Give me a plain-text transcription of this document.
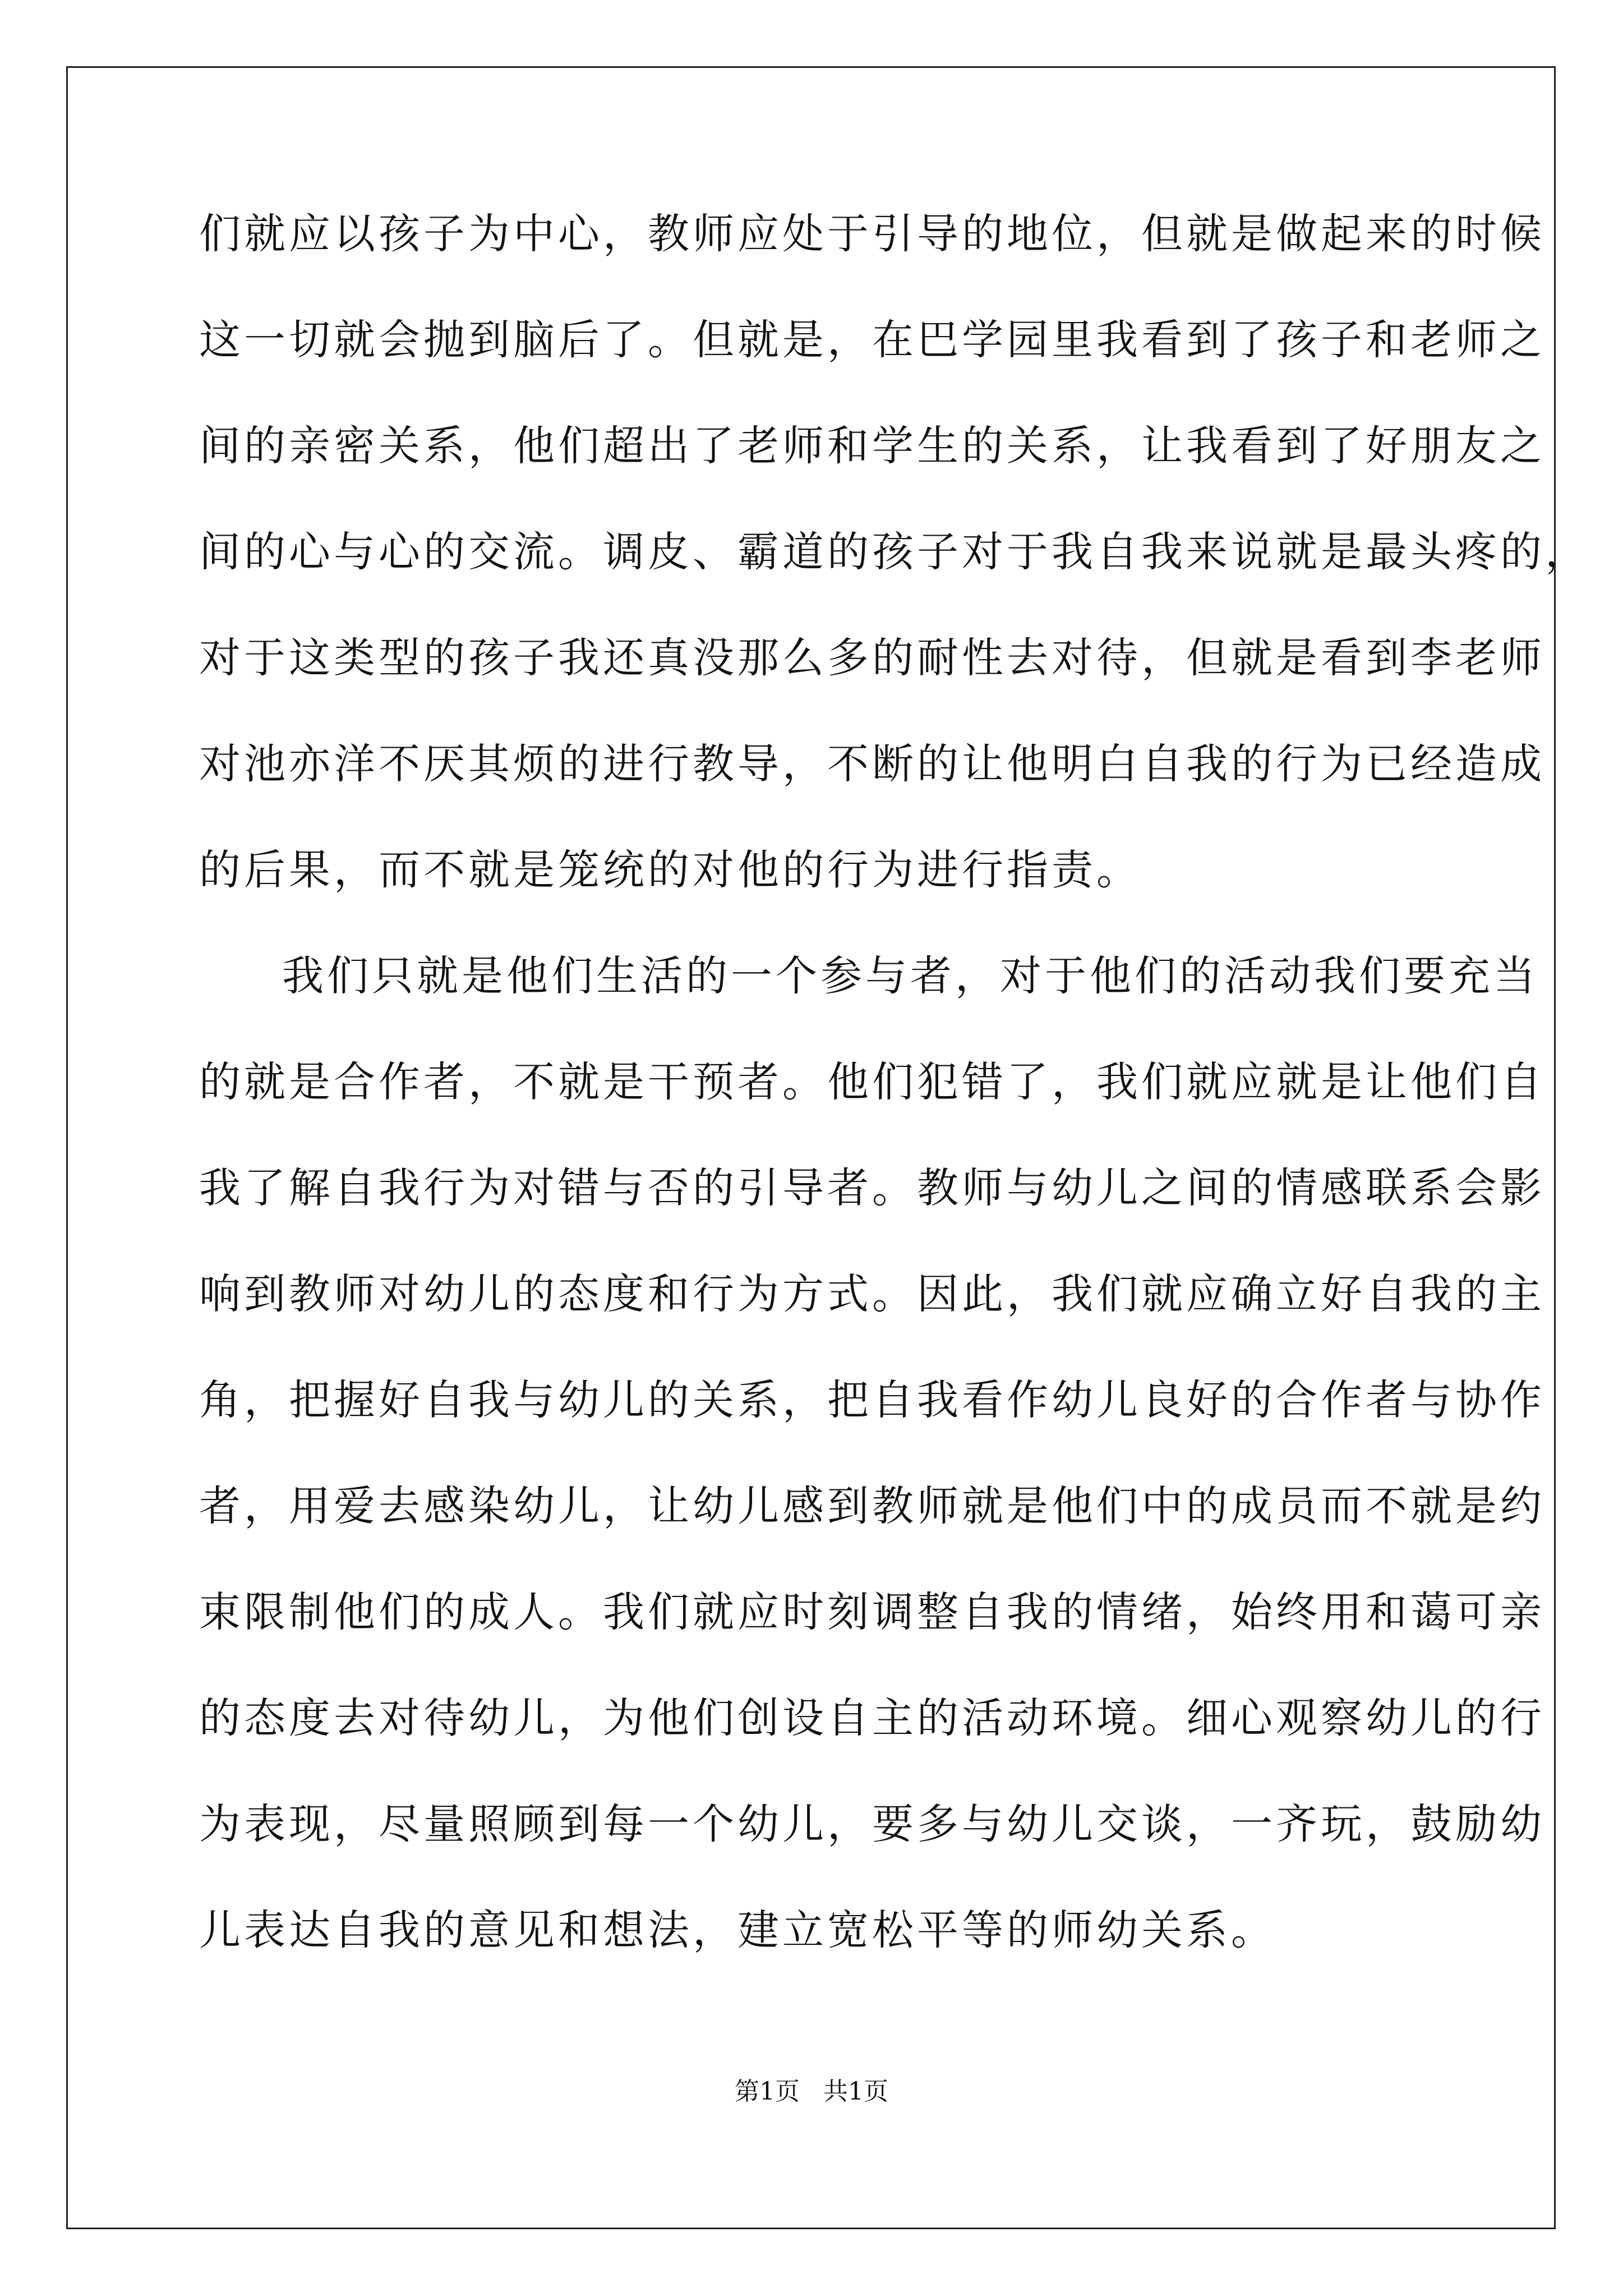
们就应以孩子为中心，教师应处于引导的地位，但就是做起来的时候
这一切就会抛到脑后了。但就是，在巴学园里我看到了孩子和老师之
间的亲密关系，他们超出了老师和学生的关系，让我看到了好朋友之
间的心与心的交流。调皮、霸道的孩子对于我自我来说就是最头疼的，
对于这类型的孩子我还真没那么多的耐性去对待，但就是看到李老师
对池亦洋不厌其烦的进行教导，不断的让他明白自我的行为已经造成
的后果，而不就是笼统的对他的行为进行指责。
我们只就是他们生活的一个参与者，对于他们的活动我们要充当
的就是合作者，不就是干预者。他们犯错了，我们就应就是让他们自
我了解自我行为对错与否的引导者。教师与幼儿之间的情感联系会影
响到教师对幼儿的态度和行为方式。因此，我们就应确立好自我的主
角，把握好自我与幼儿的关系，把自我看作幼儿良好的合作者与协作
者，用爱去感染幼儿，让幼儿感到教师就是他们中的成员而不就是约
束限制他们的成人。我们就应时刻调整自我的情绪，始终用和蔼可亲
的态度去对待幼儿，为他们创设自主的活动环境。细心观察幼儿的行
为表现，尽量照顾到每一个幼儿，要多与幼儿交谈，一齐玩，鼓励幼
儿表达自我的意见和想法，建立宽松平等的师幼关系。
第1页   共1页
